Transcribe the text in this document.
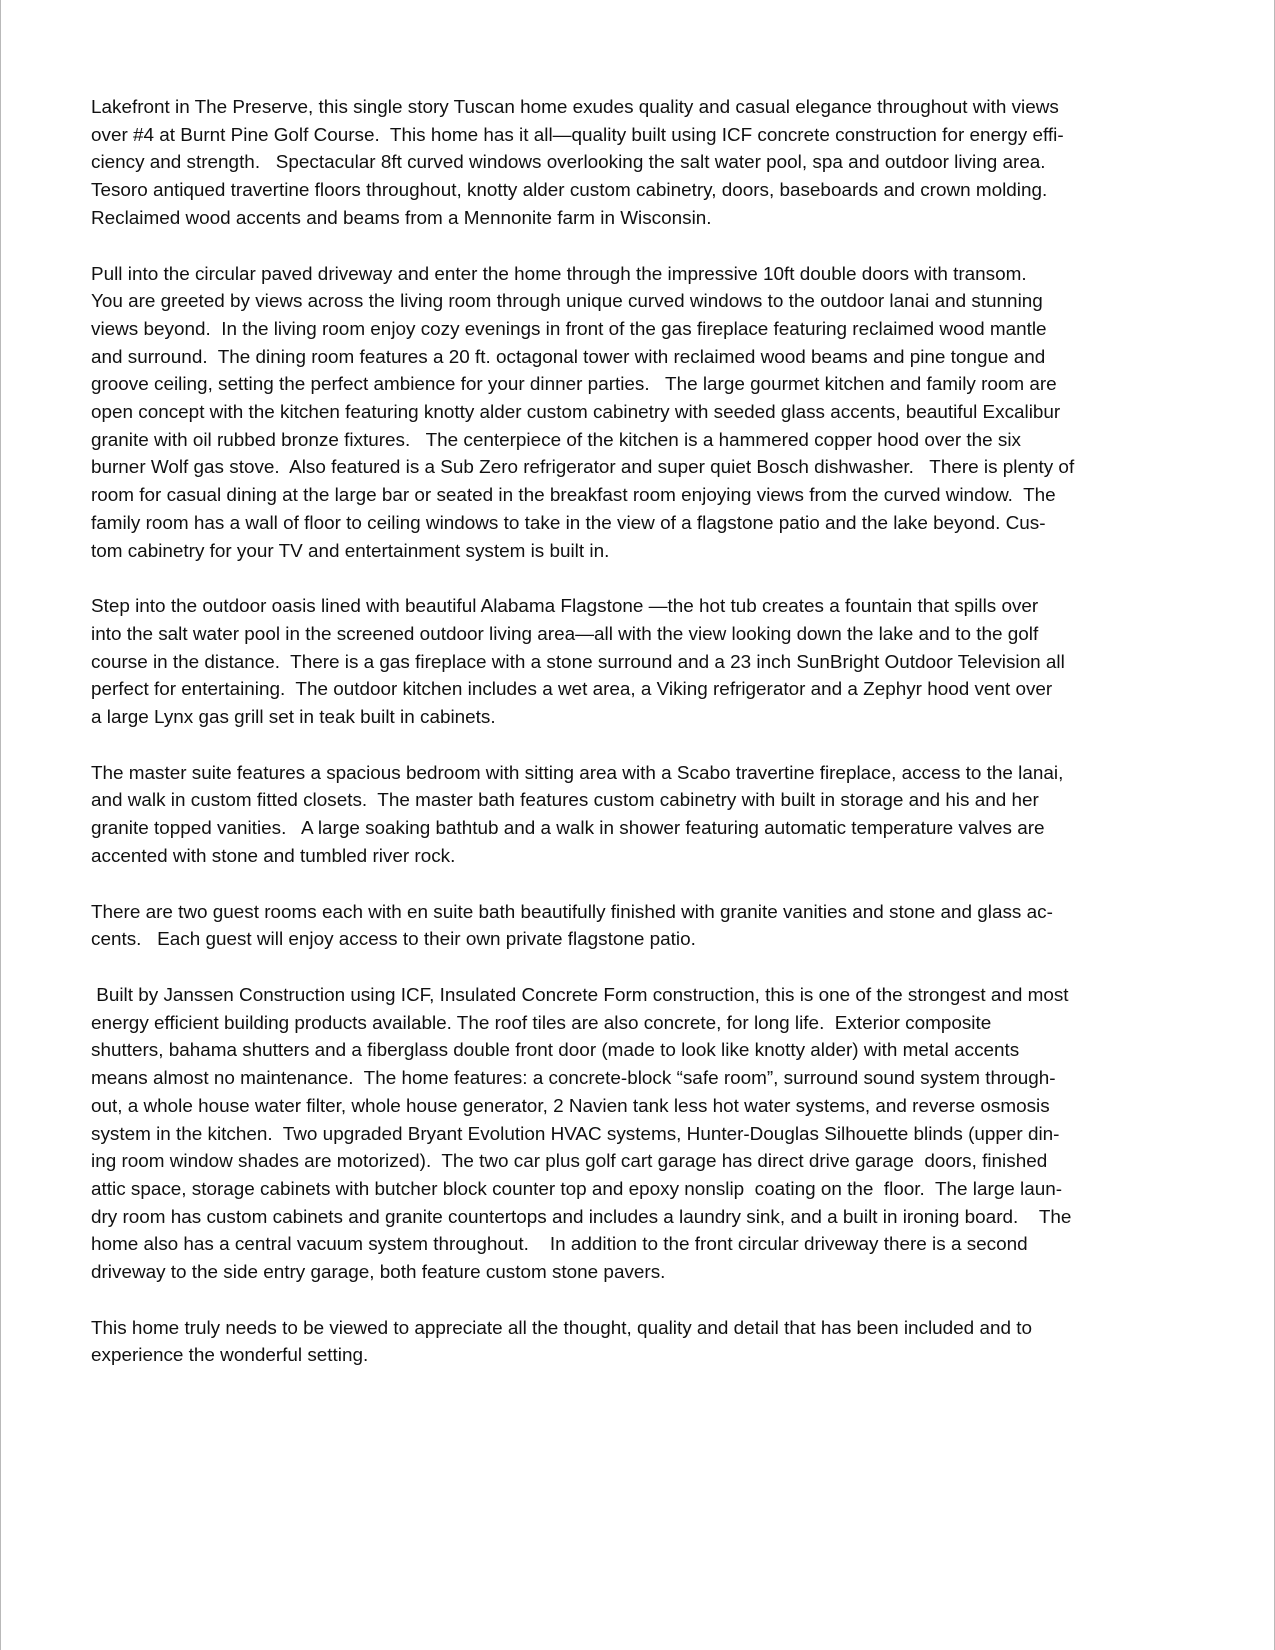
Lakefront in The Preserve, this single story Tuscan home exudes quality and casual elegance throughout with views
over #4 at Burnt Pine Golf Course.  This home has it all—quality built using ICF concrete construction for energy effi-
ciency and strength.   Spectacular 8ft curved windows overlooking the salt water pool, spa and outdoor living area.
Tesoro antiqued travertine floors throughout, knotty alder custom cabinetry, doors, baseboards and crown molding.
Reclaimed wood accents and beams from a Mennonite farm in Wisconsin.

Pull into the circular paved driveway and enter the home through the impressive 10ft double doors with transom.
You are greeted by views across the living room through unique curved windows to the outdoor lanai and stunning
views beyond.  In the living room enjoy cozy evenings in front of the gas fireplace featuring reclaimed wood mantle
and surround.  The dining room features a 20 ft. octagonal tower with reclaimed wood beams and pine tongue and
groove ceiling, setting the perfect ambience for your dinner parties.   The large gourmet kitchen and family room are
open concept with the kitchen featuring knotty alder custom cabinetry with seeded glass accents, beautiful Excalibur
granite with oil rubbed bronze fixtures.   The centerpiece of the kitchen is a hammered copper hood over the six
burner Wolf gas stove.  Also featured is a Sub Zero refrigerator and super quiet Bosch dishwasher.   There is plenty of
room for casual dining at the large bar or seated in the breakfast room enjoying views from the curved window.  The
family room has a wall of floor to ceiling windows to take in the view of a flagstone patio and the lake beyond. Cus-
tom cabinetry for your TV and entertainment system is built in.

Step into the outdoor oasis lined with beautiful Alabama Flagstone —the hot tub creates a fountain that spills over
into the salt water pool in the screened outdoor living area—all with the view looking down the lake and to the golf
course in the distance.  There is a gas fireplace with a stone surround and a 23 inch SunBright Outdoor Television all
perfect for entertaining.  The outdoor kitchen includes a wet area, a Viking refrigerator and a Zephyr hood vent over
a large Lynx gas grill set in teak built in cabinets.

The master suite features a spacious bedroom with sitting area with a Scabo travertine fireplace, access to the lanai,
and walk in custom fitted closets.  The master bath features custom cabinetry with built in storage and his and her
granite topped vanities.   A large soaking bathtub and a walk in shower featuring automatic temperature valves are
accented with stone and tumbled river rock.

There are two guest rooms each with en suite bath beautifully finished with granite vanities and stone and glass ac-
cents.   Each guest will enjoy access to their own private flagstone patio.

Built by Janssen Construction using ICF, Insulated Concrete Form construction, this is one of the strongest and most
energy efficient building products available. The roof tiles are also concrete, for long life.  Exterior composite
shutters, bahama shutters and a fiberglass double front door (made to look like knotty alder) with metal accents
means almost no maintenance.  The home features: a concrete-block “safe room”, surround sound system through-
out, a whole house water filter, whole house generator, 2 Navien tank less hot water systems, and reverse osmosis
system in the kitchen.  Two upgraded Bryant Evolution HVAC systems, Hunter-Douglas Silhouette blinds (upper din-
ing room window shades are motorized).  The two car plus golf cart garage has direct drive garage  doors, finished
attic space, storage cabinets with butcher block counter top and epoxy nonslip  coating on the  floor.  The large laun-
dry room has custom cabinets and granite countertops and includes a laundry sink, and a built in ironing board.    The
home also has a central vacuum system throughout.    In addition to the front circular driveway there is a second
driveway to the side entry garage, both feature custom stone pavers.

This home truly needs to be viewed to appreciate all the thought, quality and detail that has been included and to
experience the wonderful setting.
